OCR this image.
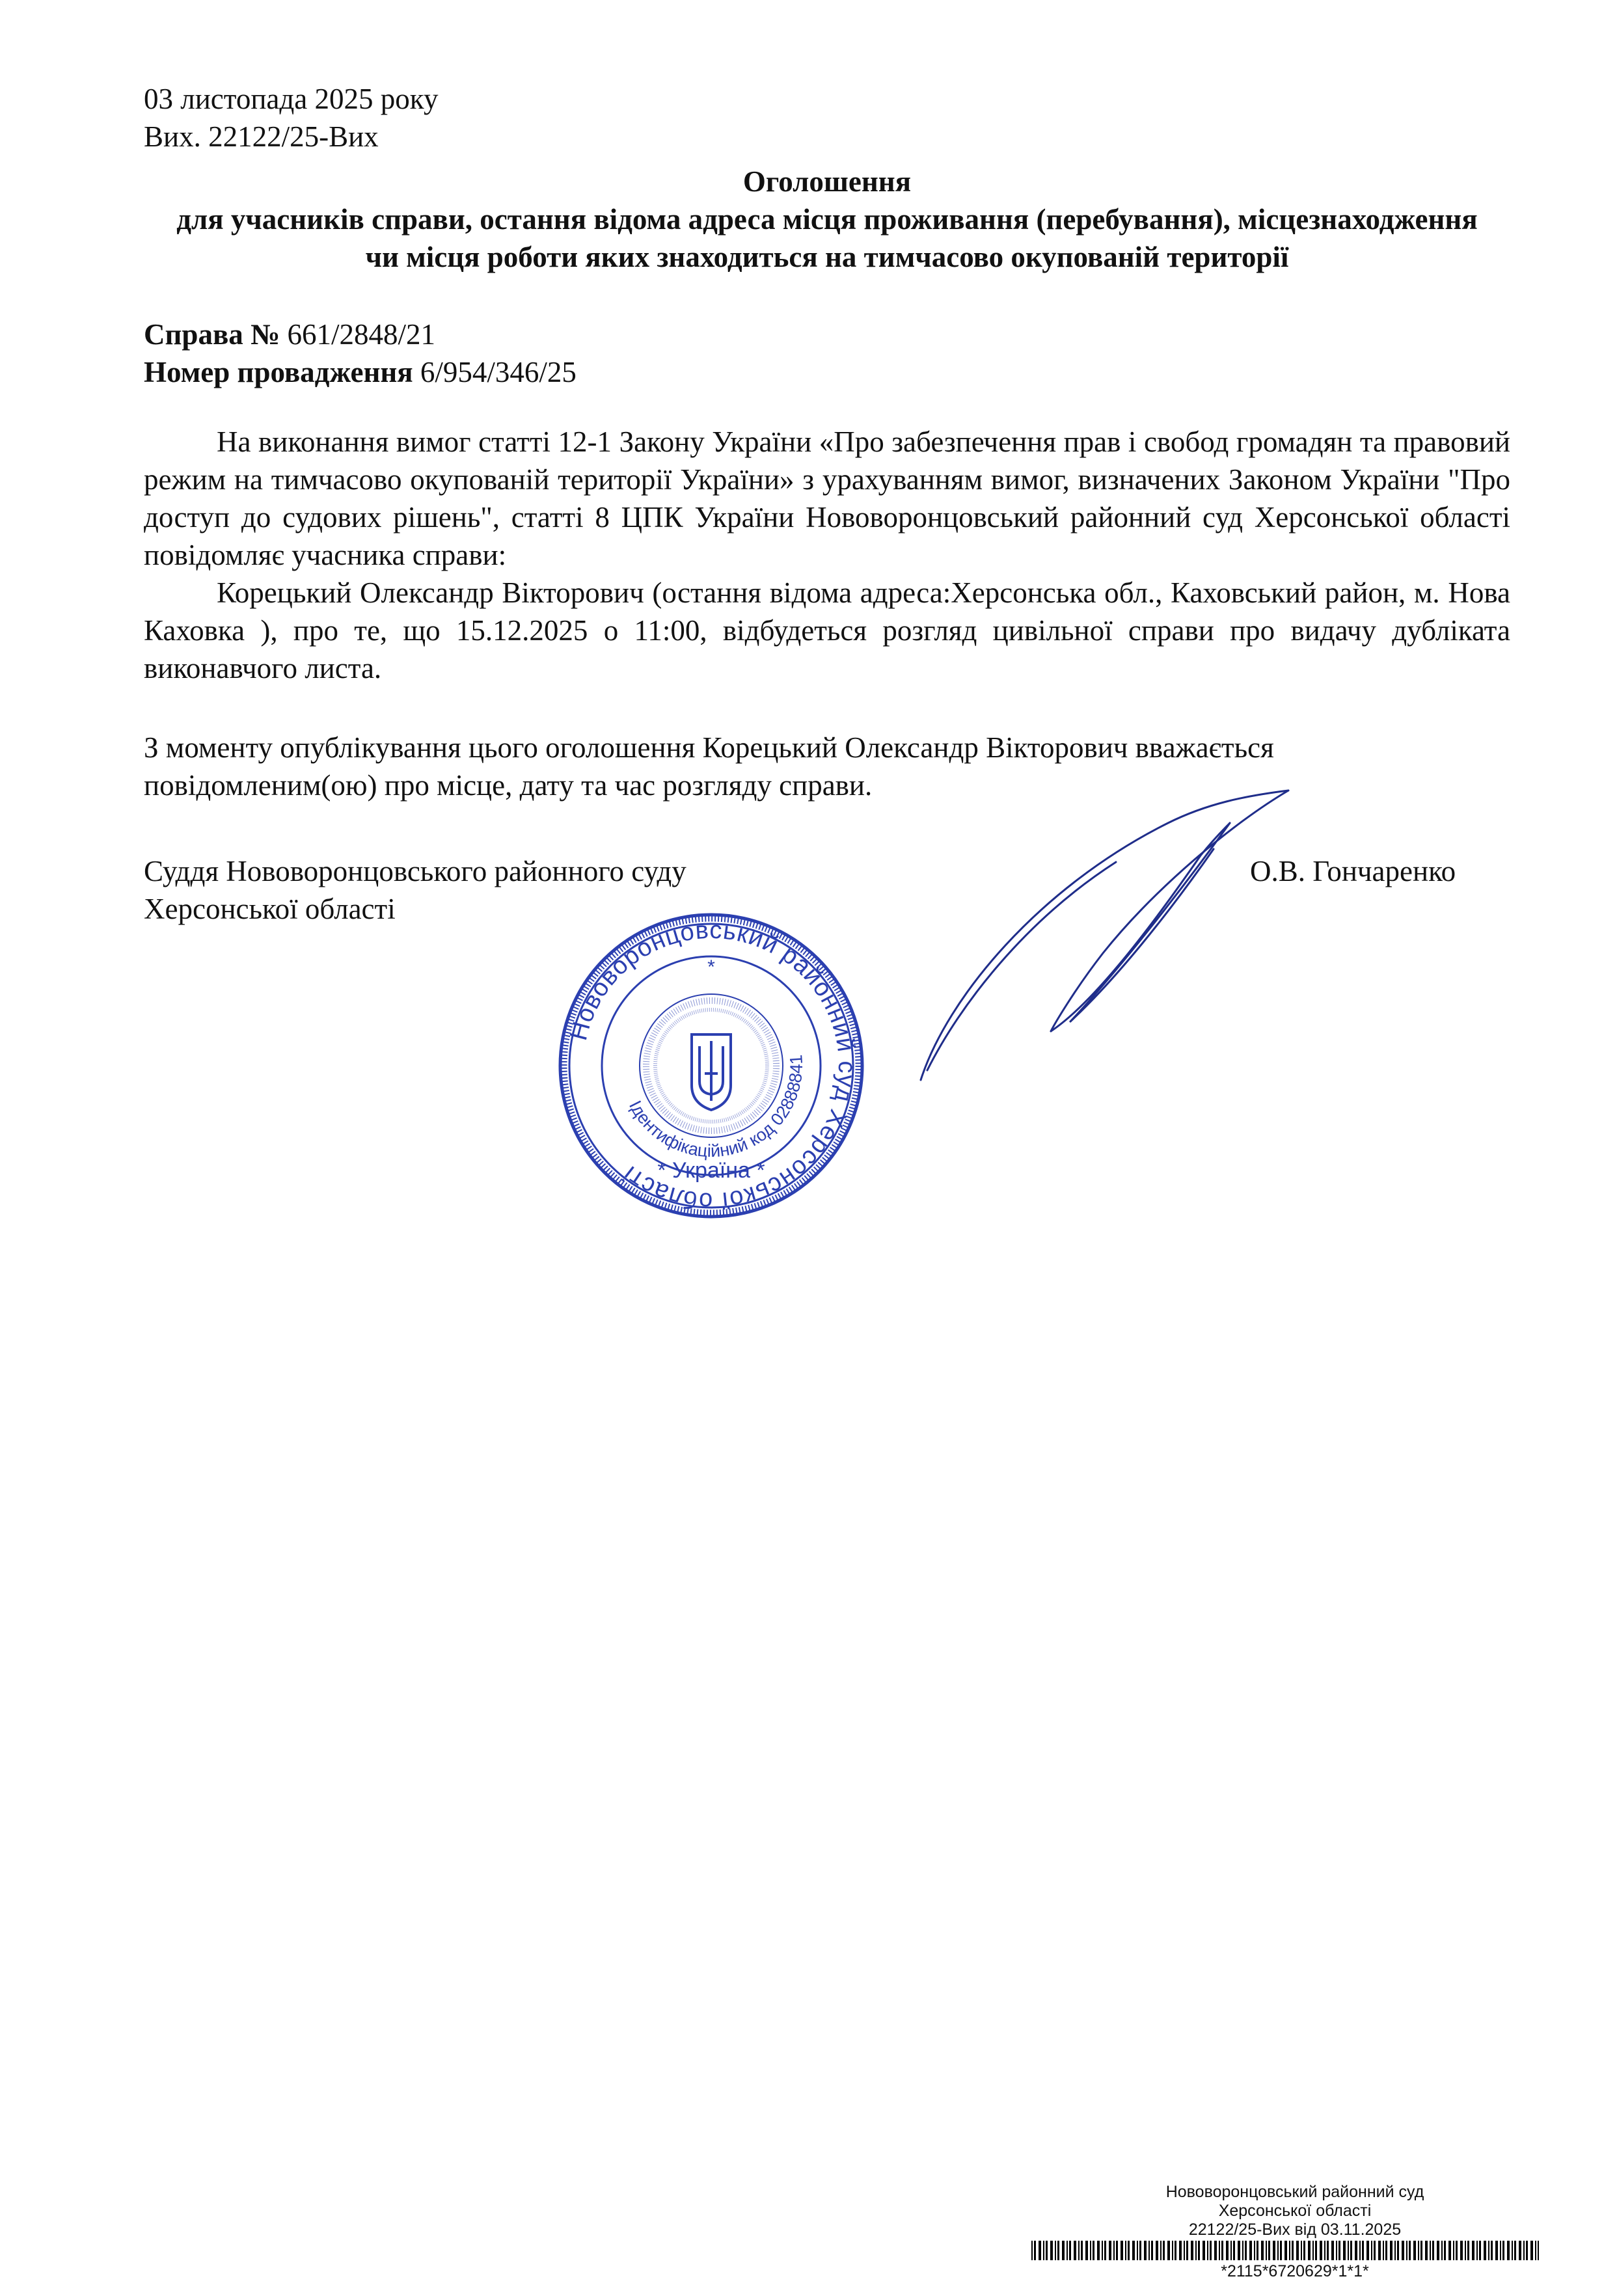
03 листопада 2025 року
Вих. 22122/25-Вих
Оголошення
для учасників справи, остання відома адреса місця проживання (перебування), місцезнаходження
чи місця роботи яких знаходиться на тимчасово окупованій території
Справа № 661/2848/21
Номер провадження 6/954/346/25

На виконання вимог статті 12-1 Закону України «Про забезпечення прав і свобод громадян та правовий режим на тимчасово окупованій території України» з урахуванням вимог, визначених Законом України "Про доступ до судових рішень", статті 8 ЦПК України Нововоронцовський районний суд Херсонської області повідомляє учасника справи:

Корецький Олександр Вікторович (остання відома адреса:Херсонська обл., Каховський район, м. Нова Каховка ), про те, що 15.12.2025 о 11:00, відбудеться розгляд цивільної справи про видачу дубліката виконавчого листа.

З моменту опублікування цього оголошення Корецький Олександр Вікторович вважається
повідомленим(ою) про місце, дату та час розгляду справи.
Суддя Нововоронцовського районного суду
Херсонської області
О.В. Гончаренко
Нововоронцовський районний суд Херсонської області
Ідентифікаційний код 02888841
* Україна *
*
Нововоронцовський районний суд
Херсонської області
22122/25-Вих від 03.11.2025
*2115*6720629*1*1*
